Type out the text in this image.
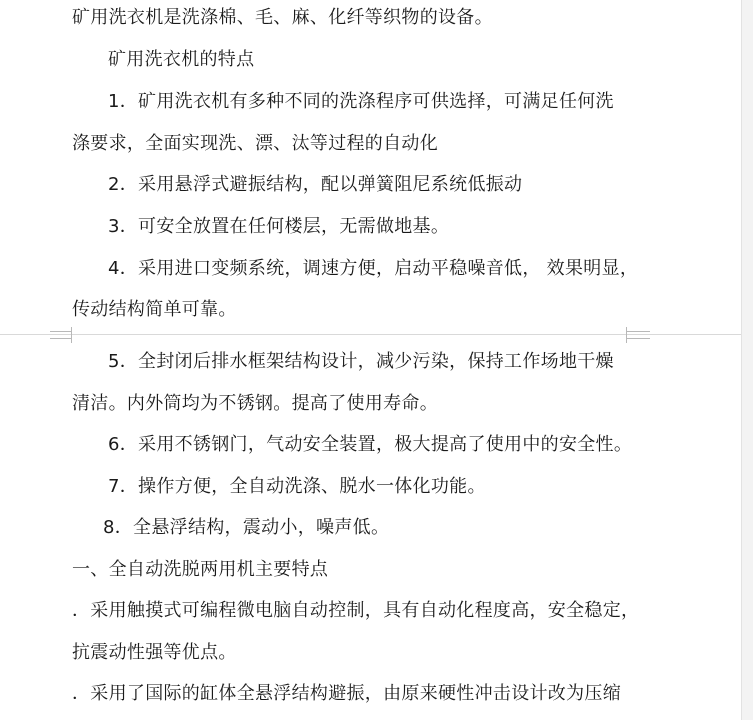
矿用洗衣机是洗涤棉、毛、麻、化纤等织物的设备。
矿用洗衣机的特点
1．矿用洗衣机有多种不同的洗涤程序可供选择，可满足任何洗
涤要求，全面实现洗、漂、汰等过程的自动化
2．采用悬浮式避振结构，配以弹簧阻尼系统低振动
3．可安全放置在任何楼层，无需做地基。
4．采用进口变频系统，调速方便，启动平稳噪音低， 效果明显，
传动结构简单可靠。
5．全封闭后排水框架结构设计，减少污染，保持工作场地干燥
清洁。内外筒均为不锈钢。提高了使用寿命。
6．采用不锈钢门，气动安全装置，极大提高了使用中的安全性。
7．操作方便，全自动洗涤、脱水一体化功能。
8．全悬浮结构，震动小，噪声低。
一、全自动洗脱两用机主要特点
．采用触摸式可编程微电脑自动控制，具有自动化程度高，安全稳定，
抗震动性强等优点。
．采用了国际的缸体全悬浮结构避振，由原来硬性冲击设计改为压缩
